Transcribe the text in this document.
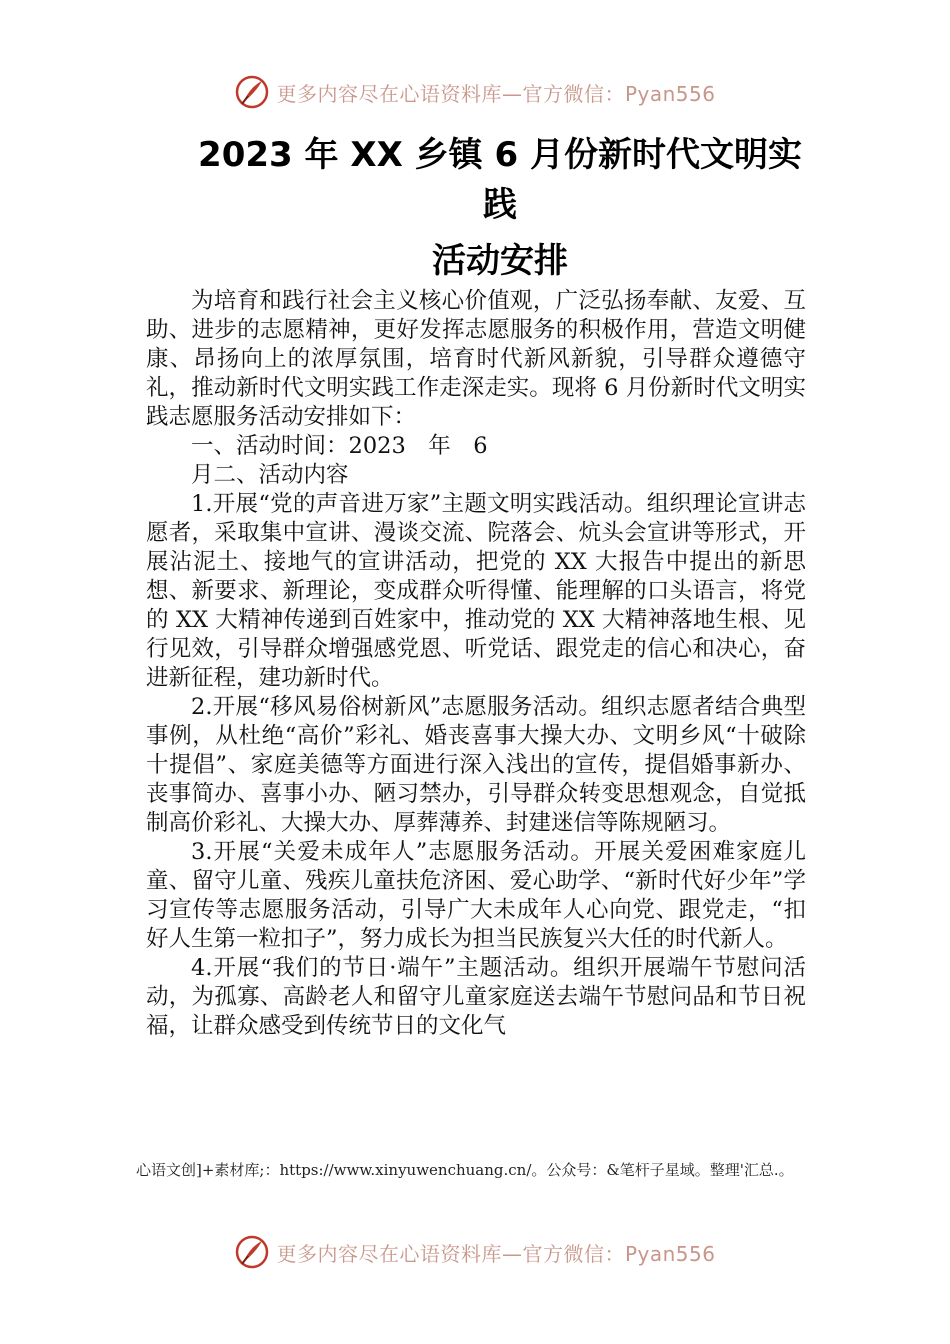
更多内容尽在心语资料库—官方微信：Pyan556
2023 年 XX 乡镇 6 月份新时代文明实
践
活动安排

为培育和践行社会主义核心价值观，广泛弘扬奉献、友爱、互助、进步的志愿精神，更好发挥志愿服务的积极作用，营造文明健康、昂扬向上的浓厚氛围，培育时代新风新貌，引导群众遵德守礼，推动新时代文明实践工作走深走实。现将 6 月份新时代文明实践志愿服务活动安排如下：

一、活动时间：2023　年　6

月二、活动内容

1.开展“党的声音进万家”主题文明实践活动。组织理论宣讲志愿者，采取集中宣讲、漫谈交流、院落会、炕头会宣讲等形式，开展沾泥土、接地气的宣讲活动，把党的 XX 大报告中提出的新思想、新要求、新理论，变成群众听得懂、能理解的口头语言，将党的 XX 大精神传递到百姓家中，推动党的 XX 大精神落地生根、见行见效，引导群众增强感党恩、听党话、跟党走的信心和决心，奋进新征程，建功新时代。

2.开展“移风易俗树新风”志愿服务活动。组织志愿者结合典型事例，从杜绝“高价”彩礼、婚丧喜事大操大办、文明乡风“十破除十提倡”、家庭美德等方面进行深入浅出的宣传，提倡婚事新办、丧事简办、喜事小办、陋习禁办，引导群众转变思想观念，自觉抵制高价彩礼、大操大办、厚葬薄养、封建迷信等陈规陋习。

3.开展“关爱未成年人”志愿服务活动。开展关爱困难家庭儿童、留守儿童、残疾儿童扶危济困、爱心助学、“新时代好少年”学习宣传等志愿服务活动，引导广大未成年人心向党、跟党走，“扣好人生第一粒扣子”，努力成长为担当民族复兴大任的时代新人。

4.开展“我们的节日·端午”主题活动。组织开展端午节慰问活动，为孤寡、高龄老人和留守儿童家庭送去端午节慰问品和节日祝福，让群众感受到传统节日的文化气

心语文创]+素材库;：https://www.xinyuwenchuang.cn/。公众号：&笔杆子星域。整理'汇总.。
更多内容尽在心语资料库—官方微信：Pyan556
